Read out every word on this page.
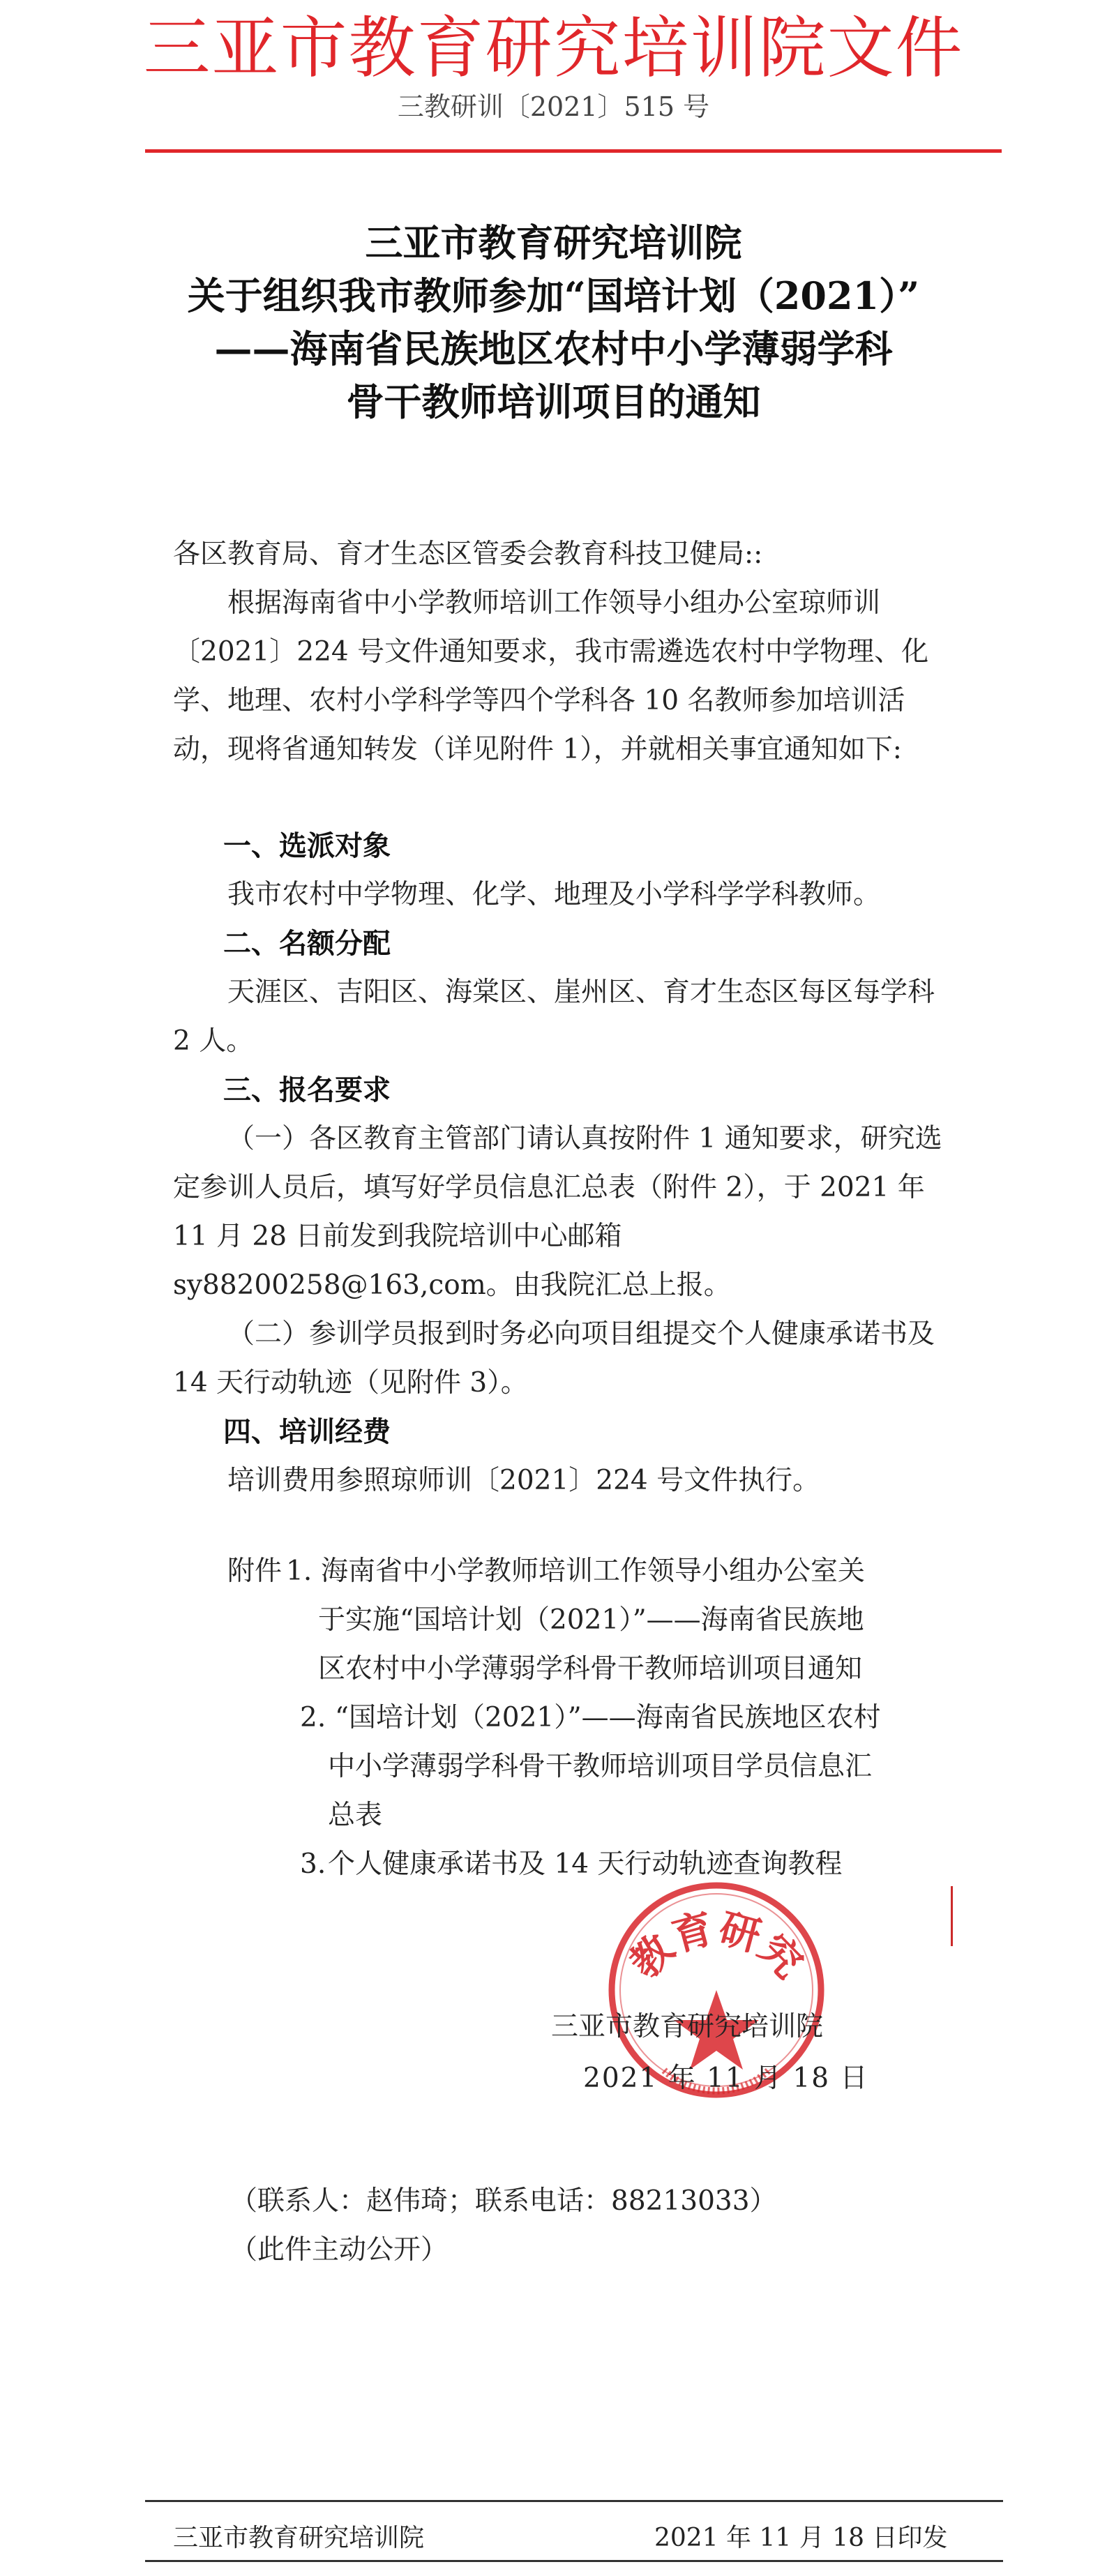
三亚市教育研究培训院文件
三教研训〔2021〕515 号
三亚市教育研究培训院
关于组织我市教师参加“国培计划（2021）”
——海南省民族地区农村中小学薄弱学科
骨干教师培训项目的通知
各区教育局、育才生态区管委会教育科技卫健局::
根据海南省中小学教师培训工作领导小组办公室琼师训〔2021〕224 号文件通知要求，我市需遴选农村中学物理、化学、地理、农村小学科学等四个学科各 10 名教师参加培训活动，现将省通知转发（详见附件 1），并就相关事宜通知如下:
一、选派对象
我市农村中学物理、化学、地理及小学科学学科教师。
二、名额分配
天涯区、吉阳区、海棠区、崖州区、育才生态区每区每学科 2 人。
三、报名要求
（一）各区教育主管部门请认真按附件 1 通知要求，研究选定参训人员后，填写好学员信息汇总表（附件 2），于 2021 年 11 月 28 日前发到我院培训中心邮箱 sy88200258@163,com。由我院汇总上报。
（二）参训学员报到时务必向项目组提交个人健康承诺书及 14 天行动轨迹（见附件 3）。
四、培训经费
培训费用参照琼师训〔2021〕224 号文件执行。
附件 1. 海南省中小学教师培训工作领导小组办公室关
于实施“国培计划（2021）”——海南省民族地
区农村中小学薄弱学科骨干教师培训项目通知
2. “国培计划（2021）”——海南省民族地区农村
中小学薄弱学科骨干教师培训项目学员信息汇
总表
3. 个人健康承诺书及 14 天行动轨迹查询教程
教育研究
三亚市教育研究培训院
2021 年 11 月 18 日
（联系人：赵伟琦；联系电话：88213033）
（此件主动公开）
三亚市教育研究培训院	2021 年 11 月 18 日印发
